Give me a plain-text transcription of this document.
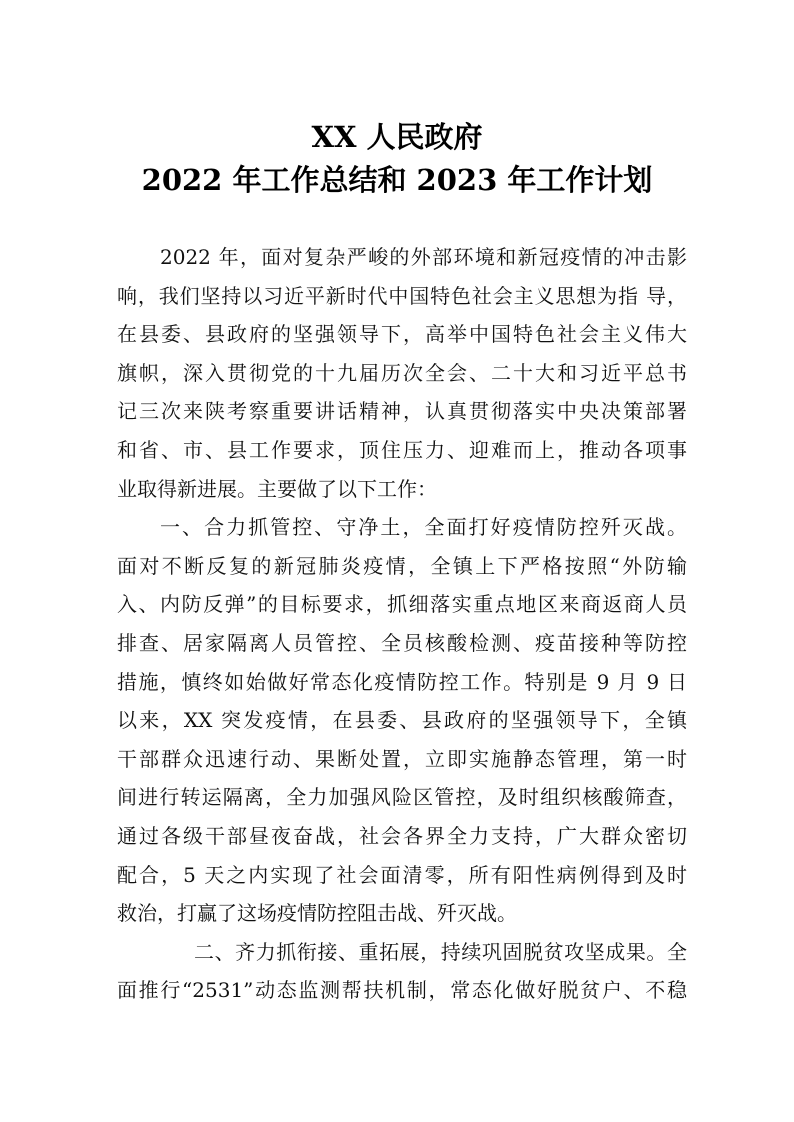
XX 人民政府
2022 年工作总结和 2023 年工作计划
2022 年，面对复杂严峻的外部环境和新冠疫情的冲击影
响，我们坚持以习近平新时代中国特色社会主义思想为指 导，
在县委、县政府的坚强领导下，高举中国特色社会主义伟大
旗帜，深入贯彻党的十九届历次全会、二十大和习近平总书
记三次来陕考察重要讲话精神，认真贯彻落实中央决策部署
和省、市、县工作要求，顶住压力、迎难而上，推动各项事
业取得新进展。主要做了以下工作：
一、合力抓管控、守净土，全面打好疫情防控歼灭战。
面对不断反复的新冠肺炎疫情，全镇上下严格按照“外防输
入、内防反弹”的目标要求，抓细落实重点地区来商返商人员
排查、居家隔离人员管控、全员核酸检测、疫苗接种等防控
措施，慎终如始做好常态化疫情防控工作。特别是 9 月 9 日
以来，XX 突发疫情，在县委、县政府的坚强领导下，全镇
干部群众迅速行动、果断处置，立即实施静态管理，第一时
间进行转运隔离，全力加强风险区管控，及时组织核酸筛查，
通过各级干部昼夜奋战，社会各界全力支持，广大群众密切
配合，5 天之内实现了社会面清零，所有阳性病例得到及时
救治，打赢了这场疫情防控阻击战、歼灭战。
二、齐力抓衔接、重拓展，持续巩固脱贫攻坚成果。全
面推行“2531”动态监测帮扶机制，常态化做好脱贫户、不稳
